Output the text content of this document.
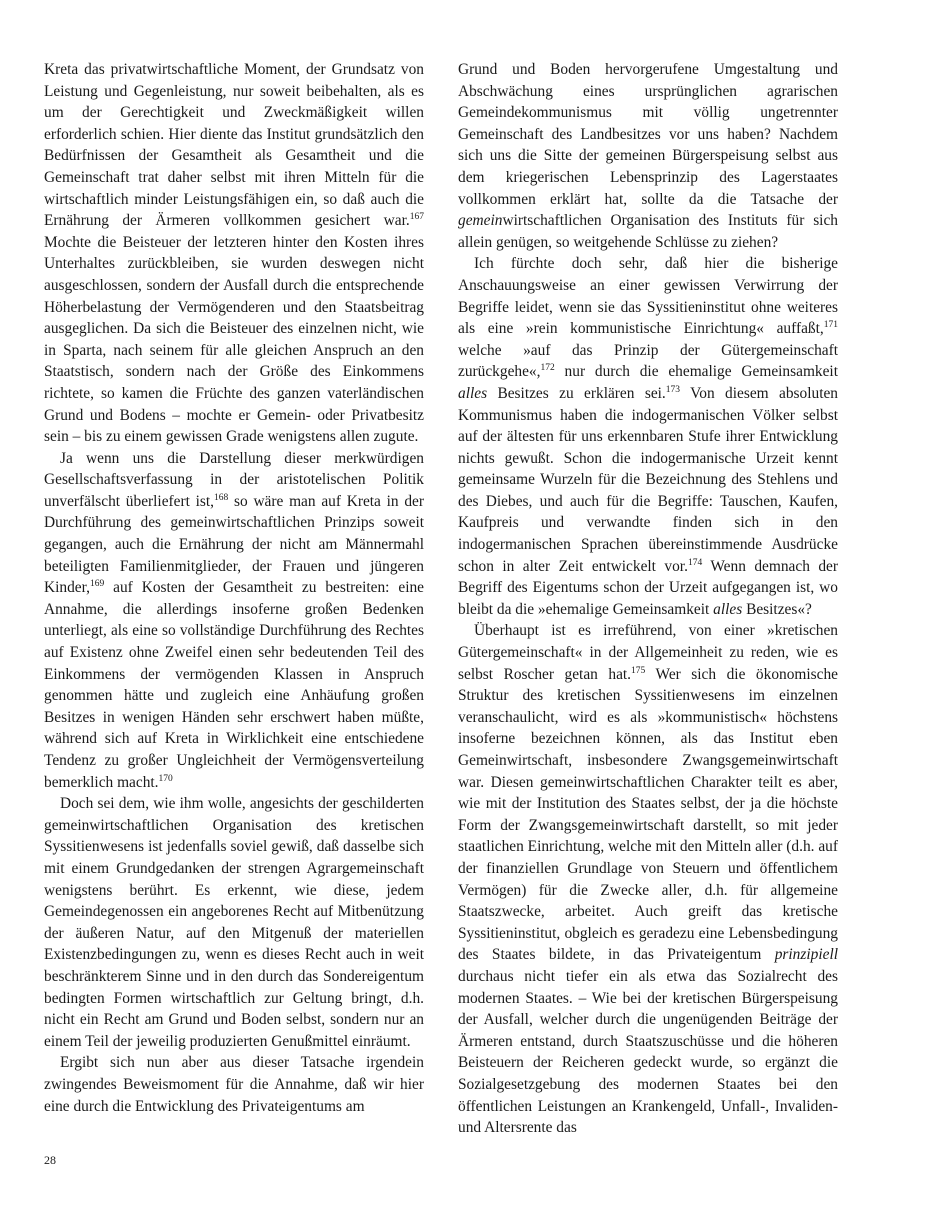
Kreta das privatwirtschaftliche Moment, der Grundsatz von Leistung und Gegenleistung, nur soweit beibehalten, als es um der Gerechtigkeit und Zweckmäßigkeit willen erforderlich schien. Hier diente das Institut grundsätzlich den Bedürfnissen der Gesamtheit als Gesamtheit und die Gemeinschaft trat daher selbst mit ihren Mitteln für die wirtschaftlich minder Leistungsfähigen ein, so daß auch die Ernährung der Ärmeren vollkommen gesichert war.$^{167}$ Mochte die Beisteuer der letzteren hinter den Kosten ihres Unterhaltes zurückbleiben, sie wurden deswegen nicht ausgeschlossen, sondern der Ausfall durch die entsprechende Höherbelastung der Vermögenderen und den Staatsbeitrag ausgeglichen. Da sich die Beisteuer des einzelnen nicht, wie in Sparta, nach seinem für alle gleichen Anspruch an den Staatstisch, sondern nach der Größe des Einkommens richtete, so kamen die Früchte des ganzen vaterländischen Grund und Bodens – mochte er Gemein- oder Privatbesitz sein – bis zu einem gewissen Grade wenigstens allen zugute.

Ja wenn uns die Darstellung dieser merkwürdigen Gesellschaftsverfassung in der aristotelischen Politik unverfälscht überliefert ist,$^{168}$ so wäre man auf Kreta in der Durchführung des gemeinwirtschaftlichen Prinzips soweit gegangen, auch die Ernährung der nicht am Männermahl beteiligten Familienmitglieder, der Frauen und jüngeren Kinder,$^{169}$ auf Kosten der Gesamtheit zu bestreiten: eine Annahme, die allerdings insoferne großen Bedenken unterliegt, als eine so vollständige Durchführung des Rechtes auf Existenz ohne Zweifel einen sehr bedeutenden Teil des Einkommens der vermögenden Klassen in Anspruch genommen hätte und zugleich eine Anhäufung großen Besitzes in wenigen Händen sehr erschwert haben müßte, während sich auf Kreta in Wirklichkeit eine entschiedene Tendenz zu großer Ungleichheit der Vermögensverteilung bemerklich macht.$^{170}$

Doch sei dem, wie ihm wolle, angesichts der geschilderten gemeinwirtschaftlichen Organisation des kretischen Syssitienwesens ist jedenfalls soviel gewiß, daß dasselbe sich mit einem Grundgedanken der strengen Agrargemeinschaft wenigstens berührt. Es erkennt, wie diese, jedem Gemeindegenossen ein angeborenes Recht auf Mitbenützung der äußeren Natur, auf den Mitgenuß der materiellen Existenzbedingungen zu, wenn es dieses Recht auch in weit beschränkterem Sinne und in den durch das Sondereigentum bedingten Formen wirtschaftlich zur Geltung bringt, d.h. nicht ein Recht am Grund und Boden selbst, sondern nur an einem Teil der jeweilig produzierten Genußmittel einräumt.

Ergibt sich nun aber aus dieser Tatsache irgendein zwingendes Beweismoment für die Annahme, daß wir hier eine durch die Entwicklung des Privateigentums am

Grund und Boden hervorgerufene Umgestaltung und Abschwächung eines ursprünglichen agrarischen Gemeindekommunismus mit völlig ungetrennter Gemeinschaft des Landbesitzes vor uns haben? Nachdem sich uns die Sitte der gemeinen Bürgerspeisung selbst aus dem kriegerischen Lebensprinzip des Lagerstaates vollkommen erklärt hat, sollte da die Tatsache der gemeinwirtschaftlichen Organisation des Instituts für sich allein genügen, so weitgehende Schlüsse zu ziehen?

Ich fürchte doch sehr, daß hier die bisherige Anschauungsweise an einer gewissen Verwirrung der Begriffe leidet, wenn sie das Syssitieninstitut ohne weiteres als eine »rein kommunistische Einrichtung« auffaßt,$^{171}$ welche »auf das Prinzip der Gütergemeinschaft zurückgehe«,$^{172}$ nur durch die ehemalige Gemeinsamkeit alles Besitzes zu erklären sei.$^{173}$ Von diesem absoluten Kommunismus haben die indogermanischen Völker selbst auf der ältesten für uns erkennbaren Stufe ihrer Entwicklung nichts gewußt. Schon die indogermanische Urzeit kennt gemeinsame Wurzeln für die Bezeichnung des Stehlens und des Diebes, und auch für die Begriffe: Tauschen, Kaufen, Kaufpreis und verwandte finden sich in den indogermanischen Sprachen übereinstimmende Ausdrücke schon in alter Zeit entwickelt vor.$^{174}$ Wenn demnach der Begriff des Eigentums schon der Urzeit aufgegangen ist, wo bleibt da die »ehemalige Gemeinsamkeit alles Besitzes«?

Überhaupt ist es irreführend, von einer »kretischen Gütergemeinschaft« in der Allgemeinheit zu reden, wie es selbst Roscher getan hat.$^{175}$ Wer sich die ökonomische Struktur des kretischen Syssitienwesens im einzelnen veranschaulicht, wird es als »kommunistisch« höchstens insoferne bezeichnen können, als das Institut eben Gemeinwirtschaft, insbesondere Zwangsgemeinwirtschaft war. Diesen gemeinwirtschaftlichen Charakter teilt es aber, wie mit der Institution des Staates selbst, der ja die höchste Form der Zwangsgemeinwirtschaft darstellt, so mit jeder staatlichen Einrichtung, welche mit den Mitteln aller (d.h. auf der finanziellen Grundlage von Steuern und öffentlichem Vermögen) für die Zwecke aller, d.h. für allgemeine Staatszwecke, arbeitet. Auch greift das kretische Syssitieninstitut, obgleich es geradezu eine Lebensbedingung des Staates bildete, in das Privateigentum prinzipiell durchaus nicht tiefer ein als etwa das Sozialrecht des modernen Staates. – Wie bei der kretischen Bürgerspeisung der Ausfall, welcher durch die ungenügenden Beiträge der Ärmeren entstand, durch Staatszuschüsse und die höheren Beisteuern der Reicheren gedeckt wurde, so ergänzt die Sozialgesetzgebung des modernen Staates bei den öffentlichen Leistungen an Krankengeld, Unfall-, Invaliden- und Altersrente das

28
